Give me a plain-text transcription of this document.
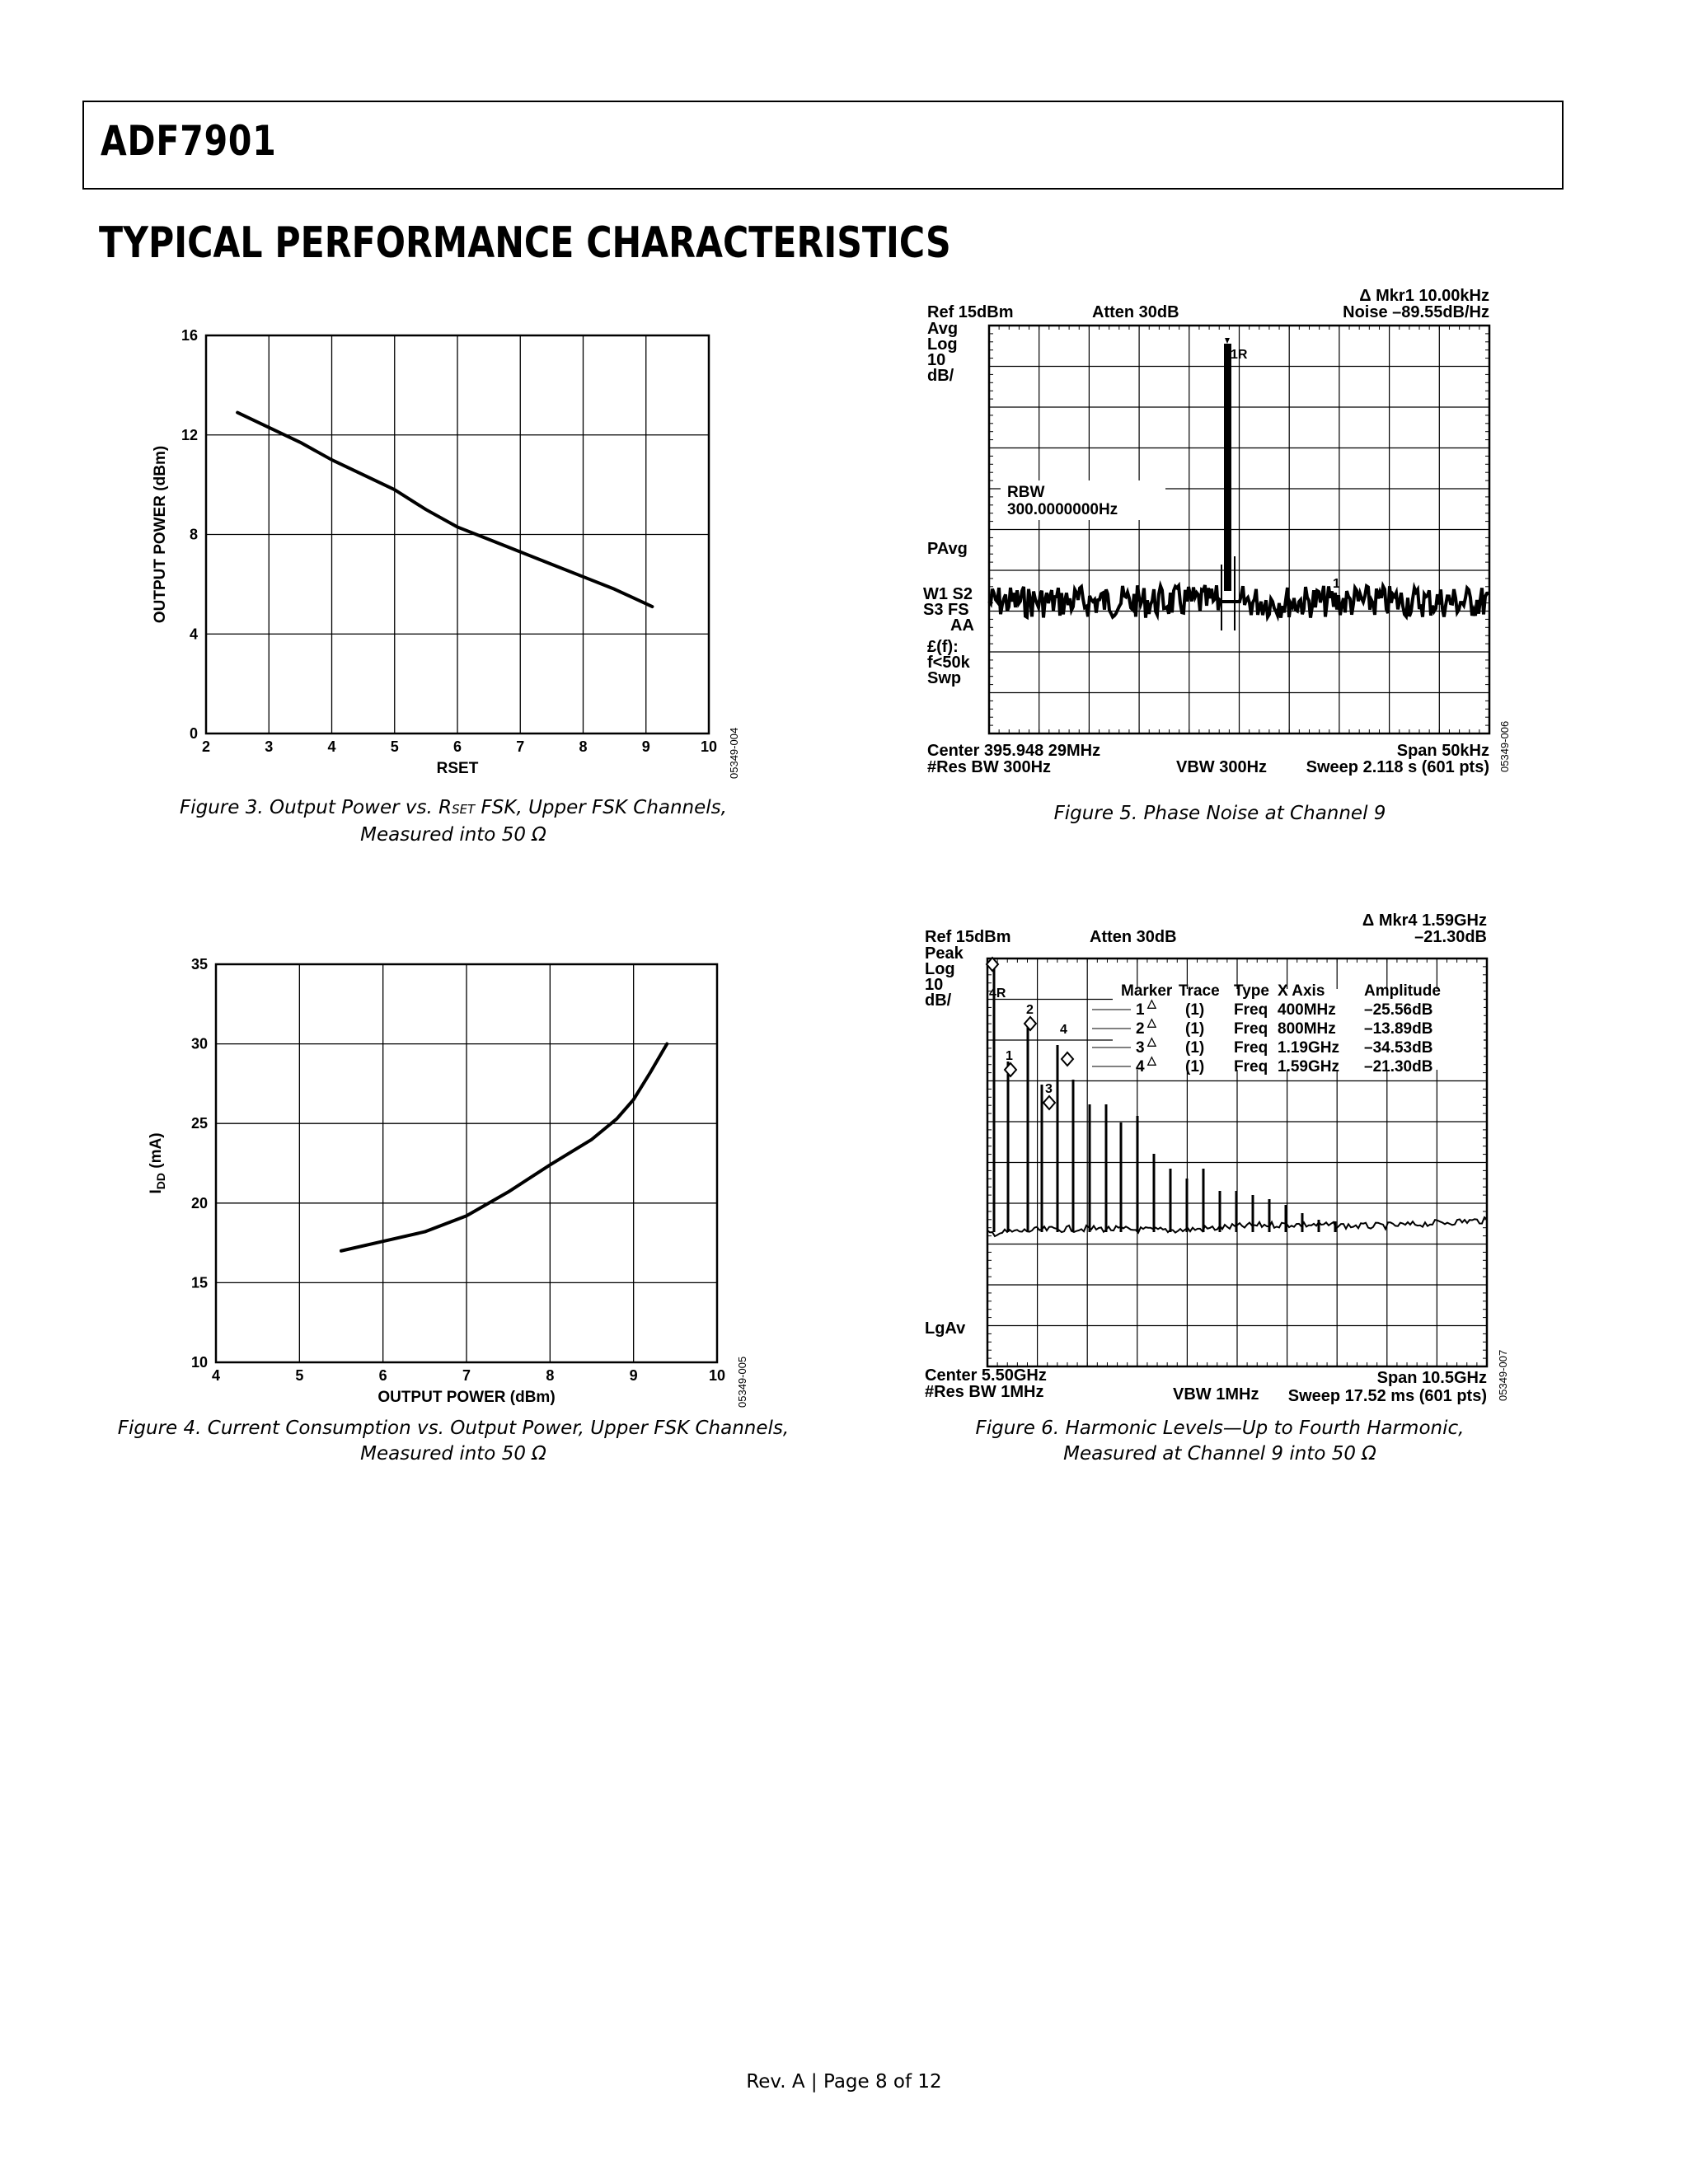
ADF7901
TYPICAL PERFORMANCE CHARACTERISTICS
2	3	4	5	6	7	8	9	10
0
4
8
12
16
RSET
OUTPUT POWER (dBm)
05349-004
Figure 3. Output Power vs. RSET FSK, Upper FSK Channels,
Measured into 50 Ω
4	5	6	7	8	9	10
10
15
20
25
30
35
OUTPUT POWER (dBm)
$I_{DD}$ (mA)
05349-005
Figure 4. Current Consumption vs. Output Power, Upper FSK Channels,
Measured into 50 Ω
Ref 15dBm	Atten 30dB
Δ Mkr1 10.00kHz
Noise –89.55dB/Hz
Avg
Log
10
dB/
PAvg
W1 S2
S3 FS
AA
£(f):
f<50k
Swp
Center 395.948 29MHz
#Res BW 300Hz	VBW 300Hz
Span 50kHz
Sweep 2.118 s (601 pts)
RBW
300.0000000Hz
1R
1
05349-006
Figure 5. Phase Noise at Channel 9
Ref 15dBm	Atten 30dB
Δ Mkr4 1.59GHz
–21.30dB
Peak
Log
10
dB/
LgAv
Center 5.50GHz
#Res BW 1MHz	VBW 1MHz
Span 10.5GHz
Sweep 17.52 ms (601 pts)
1
2
3
4
Marker Trace Type X Axis	Amplitude
1 △ (1) Freq 400MHz –25.56dB
2 △ (1) Freq 800MHz –13.89dB
3 △ (1) Freq 1.19GHz –34.53dB
4 △ (1) Freq 1.59GHz –21.30dB
4R
05349-007
Figure 6. Harmonic Levels—Up to Fourth Harmonic,
Measured at Channel 9 into 50 Ω
Rev. A | Page 8 of 12
